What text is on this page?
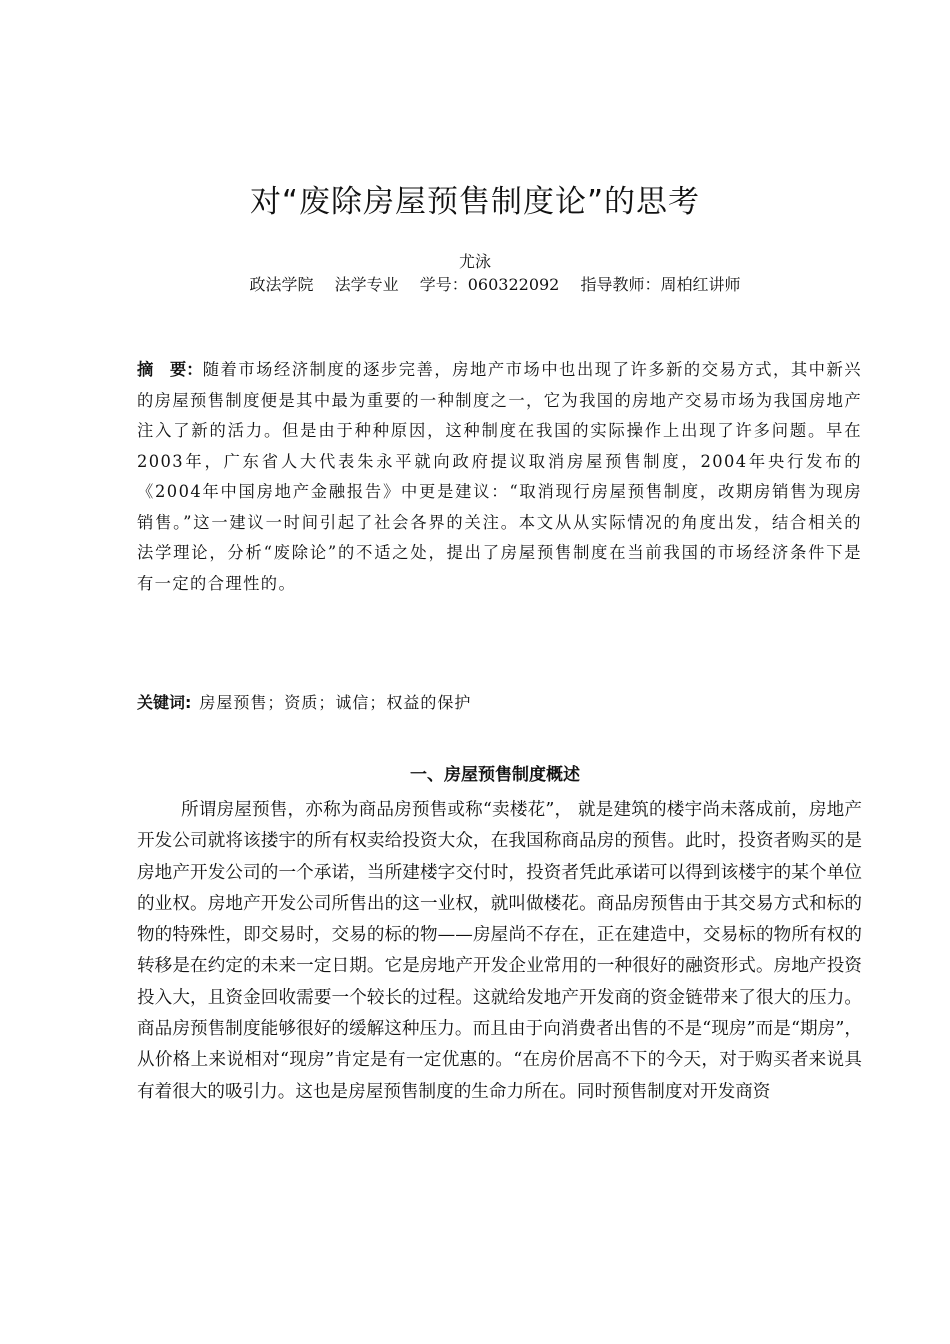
对“废除房屋预售制度论”的思考
尤泳
政法学院 法学专业 学号：060322092 指导教师：周柏红讲师
摘　要：随着市场经济制度的逐步完善，房地产市场中也出现了许多新的交易方式，其中新兴的房屋预售制度便是其中最为重要的一种制度之一，它为我国的房地产交易市场为我国房地产注入了新的活力。但是由于种种原因，这种制度在我国的实际操作上出现了许多问题。早在2003年，广东省人大代表朱永平就向政府提议取消房屋预售制度，2004年央行发布的《2004年中国房地产金融报告》中更是建议：“取消现行房屋预售制度，改期房销售为现房销售。”这一建议一时间引起了社会各界的关注。本文从从实际情况的角度出发，结合相关的法学理论，分析“废除论”的不适之处，提出了房屋预售制度在当前我国的市场经济条件下是有一定的合理性的。
关键词: 房屋预售；资质；诚信；权益的保护
一、房屋预售制度概述

所谓房屋预售，亦称为商品房预售或称“卖楼花”， 就是建筑的楼宇尚未落成前，房地产开发公司就将该搂宇的所有权卖给投资大众，在我国称商品房的预售。此时，投资者购买的是房地产开发公司的一个承诺，当所建楼字交付时，投资者凭此承诺可以得到该楼宇的某个单位的业权。房地产开发公司所售出的这一业权，就叫做楼花。商品房预售由于其交易方式和标的物的特殊性，即交易时，交易的标的物——房屋尚不存在，正在建造中，交易标的物所有权的转移是在约定的未来一定日期。它是房地产开发企业常用的一种很好的融资形式。房地产投资投入大，且资金回收需要一个较长的过程。这就给发地产开发商的资金链带来了很大的压力。商品房预售制度能够很好的缓解这种压力。而且由于向消费者出售的不是“现房”而是“期房”，从价格上来说相对“现房”肯定是有一定优惠的。“在房价居高不下的今天，对于购买者来说具有着很大的吸引力。这也是房屋预售制度的生命力所在。同时预售制度对开发商资
